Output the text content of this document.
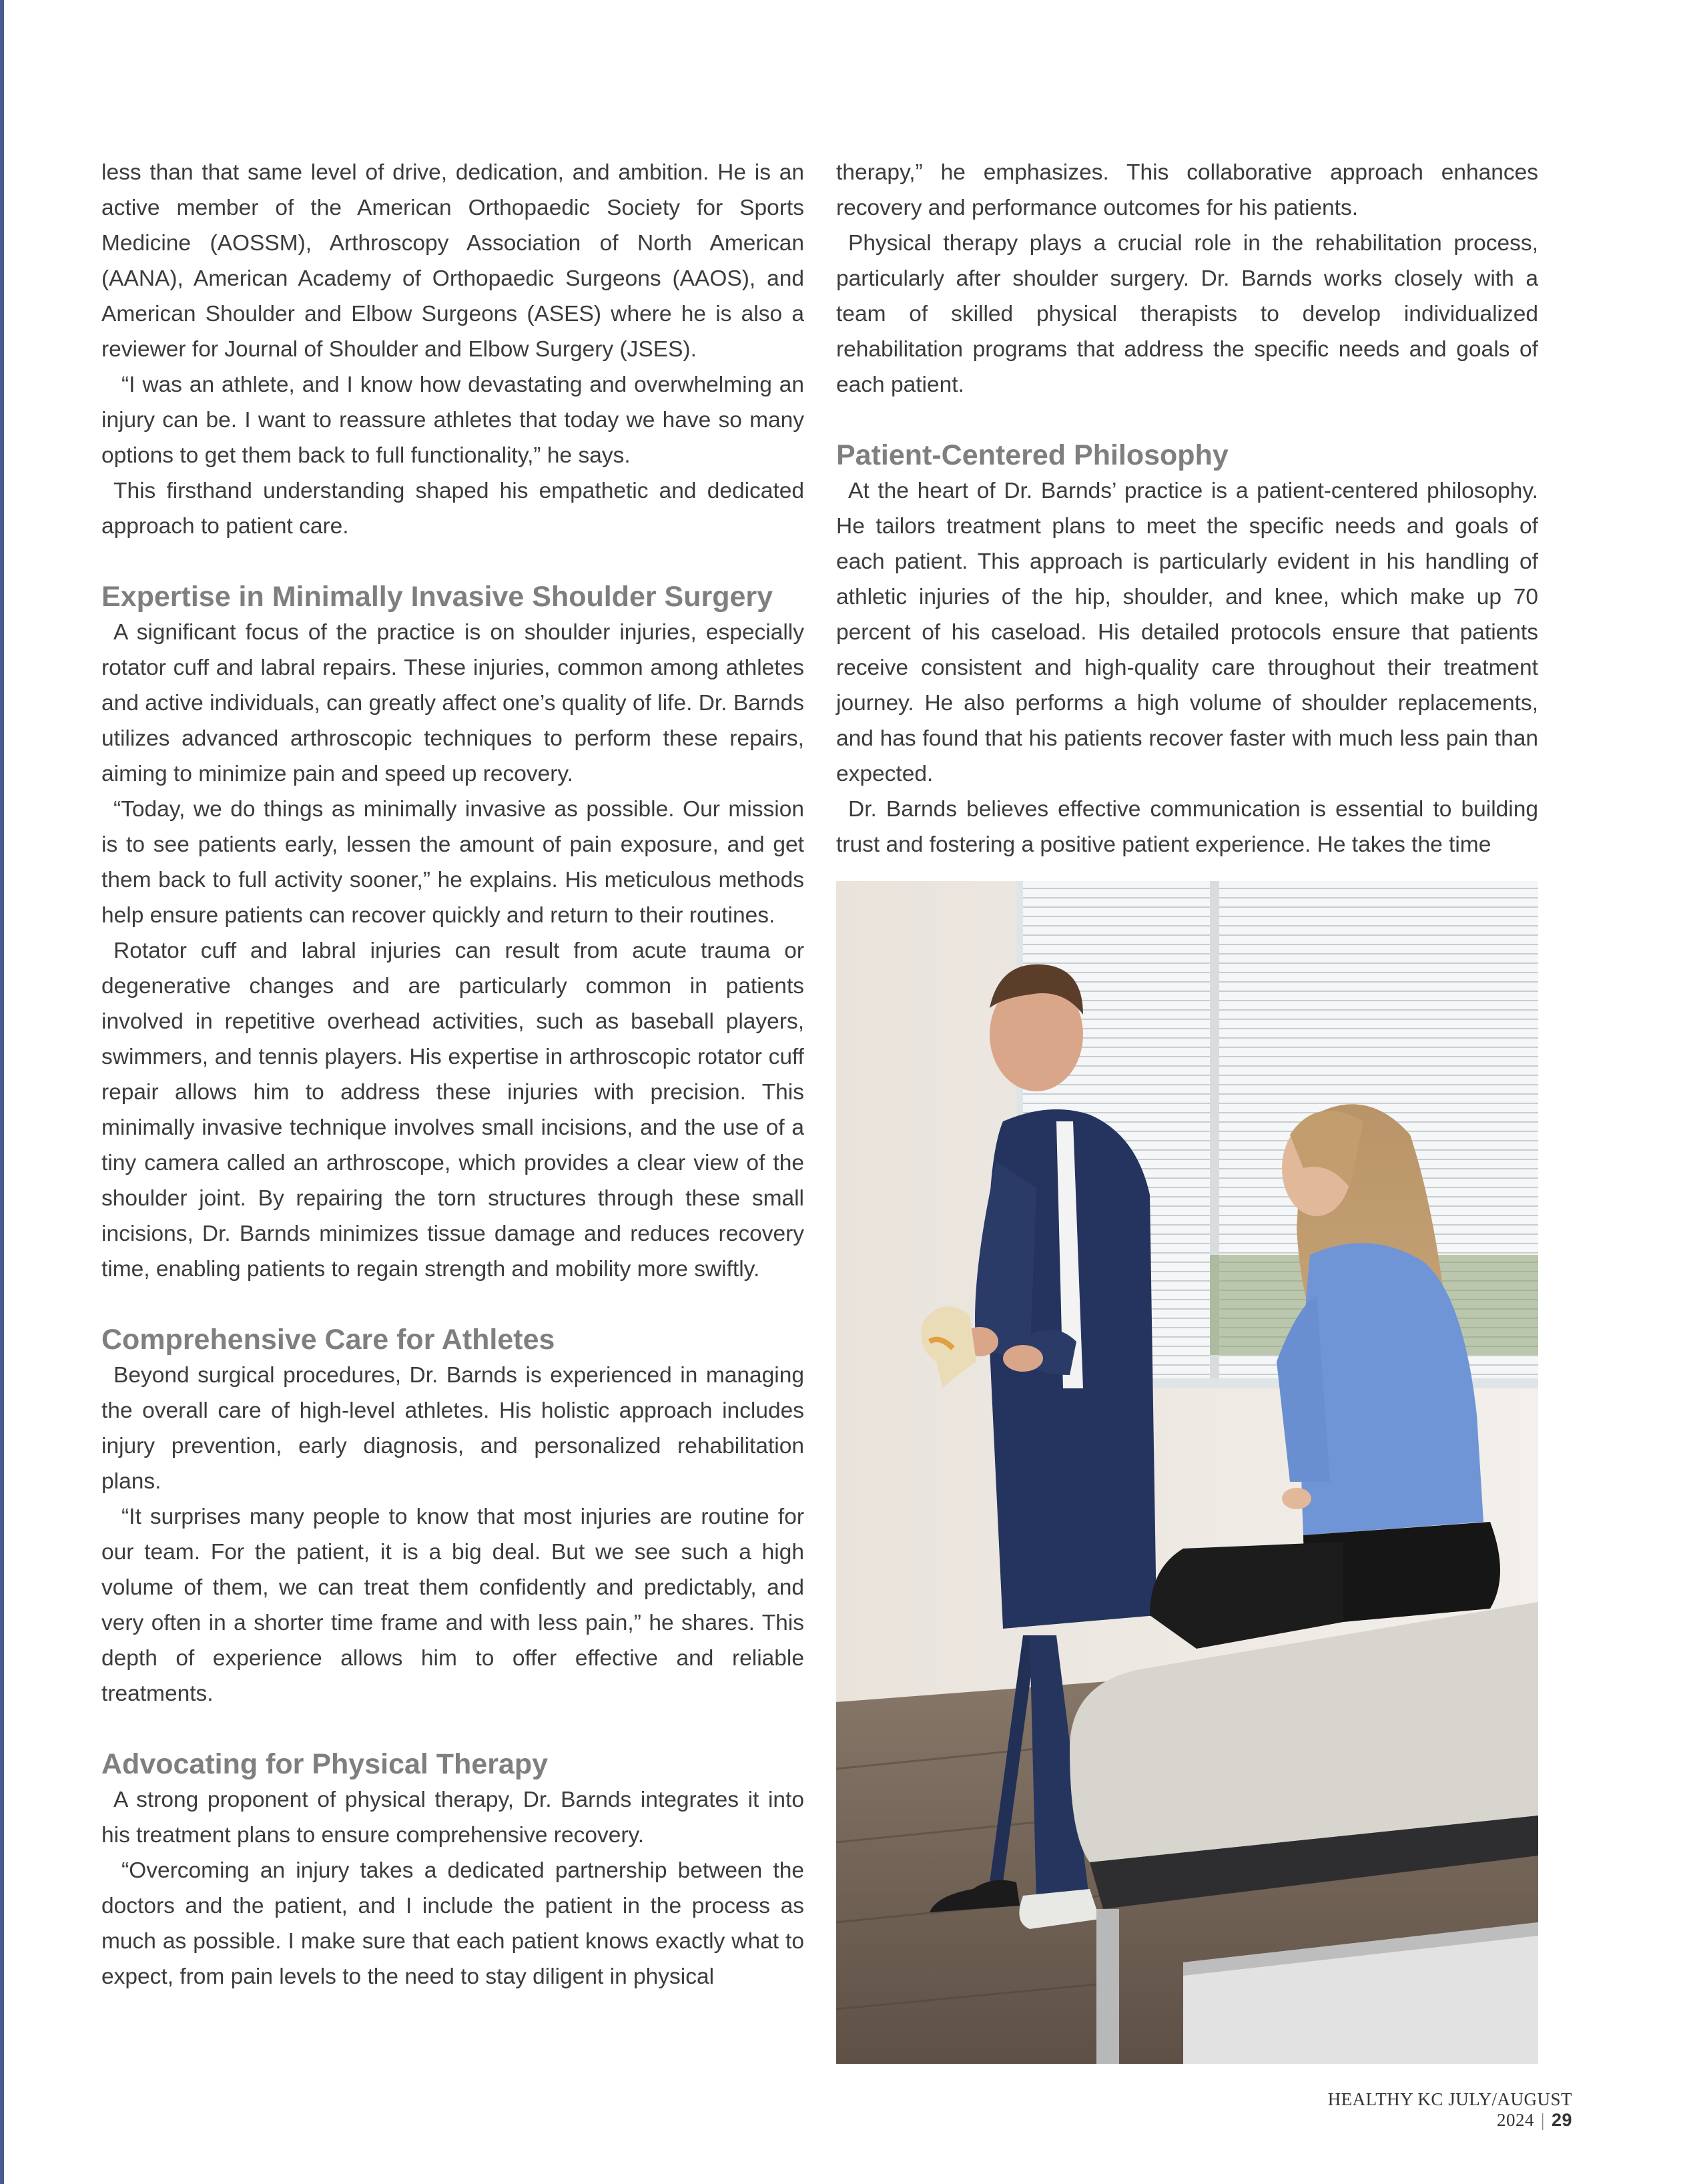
less than that same level of drive, dedication, and ambition. He is an active member of the American Orthopaedic Society for Sports Medicine (AOSSM), Arthroscopy Association of North American (AANA), American Academy of Orthopaedic Surgeons (AAOS), and American Shoulder and Elbow Surgeons (ASES) where he is also a reviewer for Journal of Shoulder and Elbow Surgery (JSES).

“I was an athlete, and I know how devastating and overwhelming an injury can be. I want to reassure athletes that today we have so many options to get them back to full functionality,” he says.

This firsthand understanding shaped his empathetic and dedicated approach to patient care.

Expertise in Minimally Invasive Shoulder Surgery

A significant focus of the practice is on shoulder injuries, especially rotator cuff and labral repairs. These injuries, common among athletes and active individuals, can greatly affect one’s quality of life. Dr. Barnds utilizes advanced arthroscopic techniques to perform these repairs, aiming to minimize pain and speed up recovery.

“Today, we do things as minimally invasive as possible. Our mission is to see patients early, lessen the amount of pain exposure, and get them back to full activity sooner,” he explains. His meticulous methods help ensure patients can recover quickly and return to their routines.

Rotator cuff and labral injuries can result from acute trauma or degenerative changes and are particularly common in patients involved in repetitive overhead activities, such as baseball players, swimmers, and tennis players. His expertise in arthroscopic rotator cuff repair allows him to address these injuries with precision. This minimally invasive technique involves small incisions, and the use of a tiny camera called an arthroscope, which provides a clear view of the shoulder joint. By repairing the torn structures through these small incisions, Dr. Barnds minimizes tissue damage and reduces recovery time, enabling patients to regain strength and mobility more swiftly.

Comprehensive Care for Athletes

Beyond surgical procedures, Dr. Barnds is experienced in managing the overall care of high-level athletes. His holistic approach includes injury prevention, early diagnosis, and personalized rehabilitation plans.

“It surprises many people to know that most injuries are routine for our team. For the patient, it is a big deal. But we see such a high volume of them, we can treat them confidently and predictably, and very often in a shorter time frame and with less pain,” he shares. This depth of experience allows him to offer effective and reliable treatments.

Advocating for Physical Therapy

A strong proponent of physical therapy, Dr. Barnds integrates it into his treatment plans to ensure comprehensive recovery.

“Overcoming an injury takes a dedicated partnership between the doctors and the patient, and I include the patient in the process as much as possible. I make sure that each patient knows exactly what to expect, from pain levels to the need to stay diligent in physical

therapy,” he emphasizes. This collaborative approach enhances recovery and performance outcomes for his patients.

Physical therapy plays a crucial role in the rehabilitation process, particularly after shoulder surgery. Dr. Barnds works closely with a team of skilled physical therapists to develop individualized rehabilitation programs that address the specific needs and goals of each patient.

Patient-Centered Philosophy

At the heart of Dr. Barnds’ practice is a patient-centered philosophy. He tailors treatment plans to meet the specific needs and goals of each patient. This approach is particularly evident in his handling of athletic injuries of the hip, shoulder, and knee, which make up 70 percent of his caseload. His detailed protocols ensure that patients receive consistent and high-quality care throughout their treatment journey. He also performs a high volume of shoulder replacements, and has found that his patients recover faster with much less pain than expected.

Dr. Barnds believes effective communication is essential to building trust and fostering a positive patient experience. He takes the time

HEALTHY KC JULY/AUGUST 2024 | 29
